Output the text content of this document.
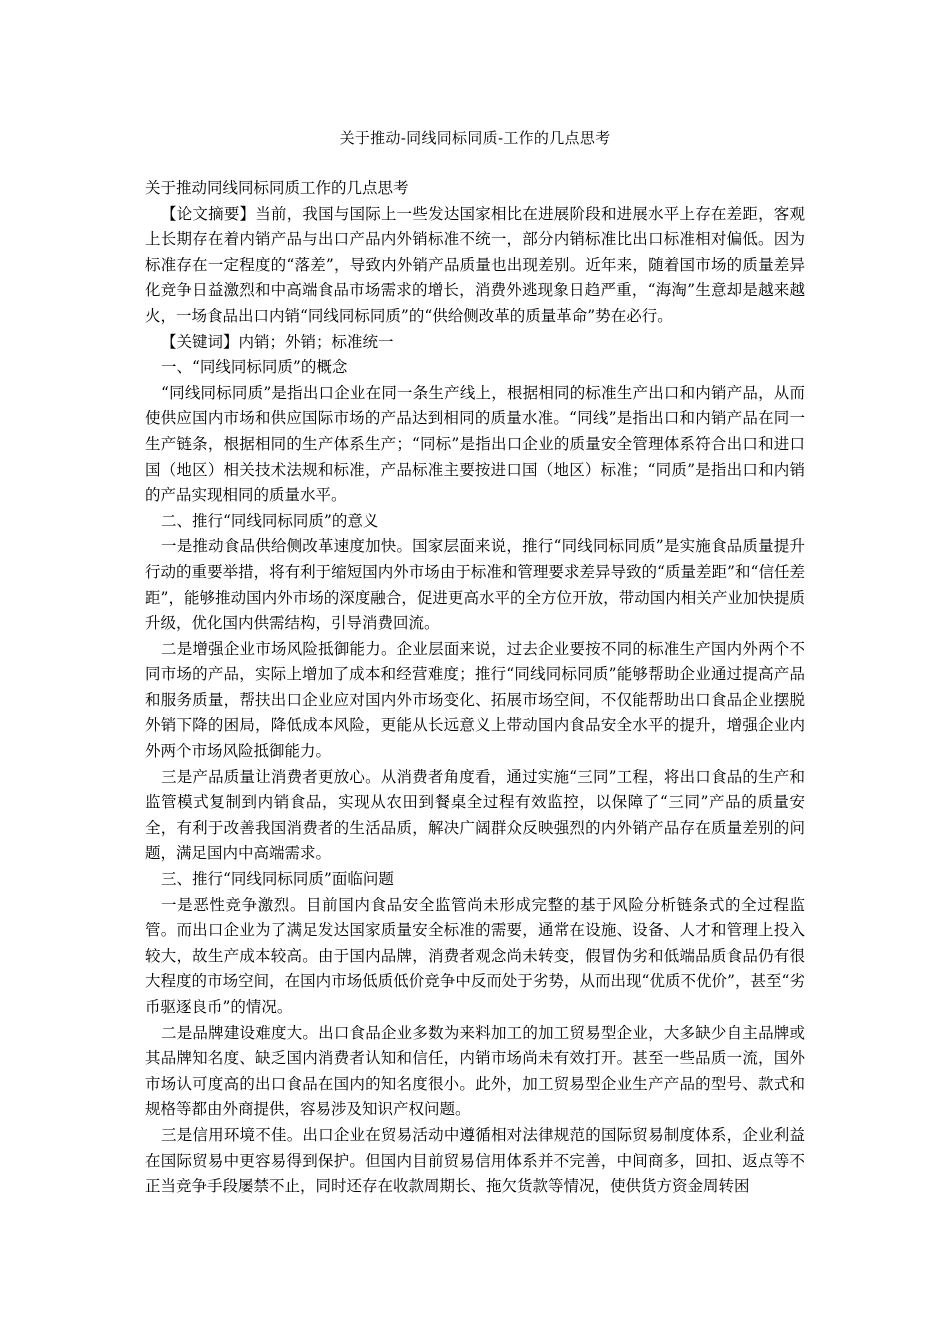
关于推动-同线同标同质-工作的几点思考

关于推动同线同标同质工作的几点思考

【论文摘要】当前，我国与国际上一些发达国家相比在进展阶段和进展水平上存在差距，客观上长期存在着内销产品与出口产品内外销标准不统一，部分内销标准比出口标准相对偏低。因为标准存在一定程度的“落差”，导致内外销产品质量也出现差别。近年来，随着国市场的质量差异化竞争日益激烈和中高端食品市场需求的增长，消费外逃现象日趋严重，“海淘”生意却是越来越火，一场食品出口内销“同线同标同质”的“供给侧改革的质量革命”势在必行。

【关键词】内销；外销；标准统一

一、“同线同标同质”的概念

“同线同标同质”是指出口企业在同一条生产线上，根据相同的标准生产出口和内销产品，从而使供应国内市场和供应国际市场的产品达到相同的质量水准。“同线”是指出口和内销产品在同一生产链条，根据相同的生产体系生产；“同标”是指出口企业的质量安全管理体系符合出口和进口国（地区）相关技术法规和标准，产品标准主要按进口国（地区）标准；“同质”是指出口和内销的产品实现相同的质量水平。

二、推行“同线同标同质”的意义

一是推动食品供给侧改革速度加快。国家层面来说，推行“同线同标同质”是实施食品质量提升行动的重要举措，将有利于缩短国内外市场由于标准和管理要求差异导致的“质量差距”和“信任差距”，能够推动国内外市场的深度融合，促进更高水平的全方位开放，带动国内相关产业加快提质升级，优化国内供需结构，引导消费回流。

二是增强企业市场风险抵御能力。企业层面来说，过去企业要按不同的标准生产国内外两个不同市场的产品，实际上增加了成本和经营难度；推行“同线同标同质”能够帮助企业通过提高产品和服务质量，帮扶出口企业应对国内外市场变化、拓展市场空间，不仅能帮助出口食品企业摆脱外销下降的困局，降低成本风险，更能从长远意义上带动国内食品安全水平的提升，增强企业内外两个市场风险抵御能力。

三是产品质量让消费者更放心。从消费者角度看，通过实施“三同”工程，将出口食品的生产和监管模式复制到内销食品，实现从农田到餐桌全过程有效监控，以保障了“三同”产品的质量安全，有利于改善我国消费者的生活品质，解决广阔群众反映强烈的内外销产品存在质量差别的问题，满足国内中高端需求。

三、推行“同线同标同质”面临问题

一是恶性竞争激烈。目前国内食品安全监管尚未形成完整的基于风险分析链条式的全过程监管。而出口企业为了满足发达国家质量安全标准的需要，通常在设施、设备、人才和管理上投入较大，故生产成本较高。由于国内品牌，消费者观念尚未转变，假冒伪劣和低端品质食品仍有很大程度的市场空间，在国内市场低质低价竞争中反而处于劣势，从而出现“优质不优价”，甚至“劣币驱逐良币”的情况。

二是品牌建设难度大。出口食品企业多数为来料加工的加工贸易型企业，大多缺少自主品牌或其品牌知名度、缺乏国内消费者认知和信任，内销市场尚未有效打开。甚至一些品质一流，国外市场认可度高的出口食品在国内的知名度很小。此外，加工贸易型企业生产产品的型号、款式和规格等都由外商提供，容易涉及知识产权问题。

三是信用环境不佳。出口企业在贸易活动中遵循相对法律规范的国际贸易制度体系，企业利益在国际贸易中更容易得到保护。但国内目前贸易信用体系并不完善，中间商多，回扣、返点等不正当竞争手段屡禁不止，同时还存在收款周期长、拖欠货款等情况，使供货方资金周转困
